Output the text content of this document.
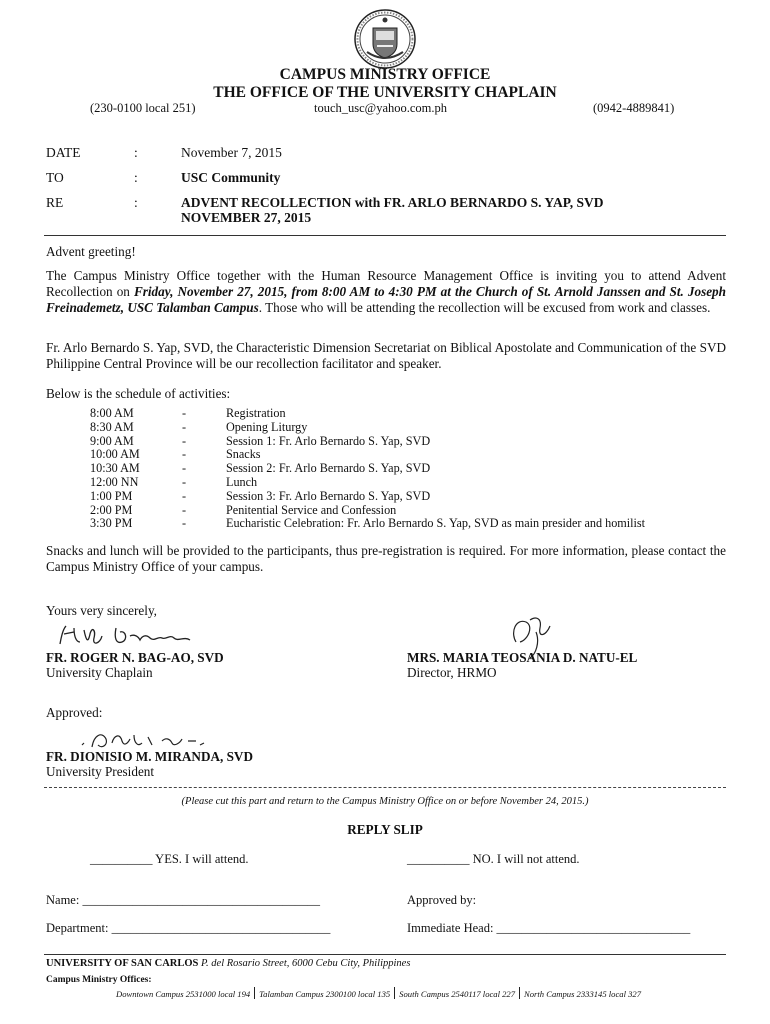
CAMPUS MINISTRY OFFICE
THE OFFICE OF THE UNIVERSITY CHAPLAIN
(230-0100 local 251)	touch_usc@yahoo.com.ph	(0942-4889841)
DATE	:	November 7, 2015
TO	:	USC Community
RE	:	ADVENT RECOLLECTION with FR. ARLO BERNARDO S. YAP, SVD
NOVEMBER 27, 2015
Advent greeting!
The Campus Ministry Office together with the Human Resource Management Office is inviting you to attend Advent Recollection on Friday, November 27, 2015, from 8:00 AM to 4:30 PM at the Church of St. Arnold Janssen and St. Joseph Freinademetz, USC Talamban Campus. Those who will be attending the recollection will be excused from work and classes.
Fr. Arlo Bernardo S. Yap, SVD, the Characteristic Dimension Secretariat on Biblical Apostolate and Communication of the SVD Philippine Central Province will be our recollection facilitator and speaker.
Below is the schedule of activities:
8:00 AM	-	Registration
8:30 AM	-	Opening Liturgy
9:00 AM	-	Session 1: Fr. Arlo Bernardo S. Yap, SVD
10:00 AM	-	Snacks
10:30 AM	-	Session 2: Fr. Arlo Bernardo S. Yap, SVD
12:00 NN	-	Lunch
1:00 PM	-	Session 3: Fr. Arlo Bernardo S. Yap, SVD
2:00 PM	-	Penitential Service and Confession
3:30 PM	-	Eucharistic Celebration: Fr. Arlo Bernardo S. Yap, SVD as main presider and homilist
Snacks and lunch will be provided to the participants, thus pre-registration is required. For more information, please contact the Campus Ministry Office of your campus.
Yours very sincerely,
FR. ROGER N. BAG-AO, SVD
University Chaplain
MRS. MARIA TEOSANIA D. NATU-EL
Director, HRMO
Approved:
FR. DIONISIO M. MIRANDA, SVD
University President
(Please cut this part and return to the Campus Ministry Office on or before November 24, 2015.)
REPLY SLIP
__________ YES. I will attend.	__________ NO. I will not attend.
Name: ______________________________________	Approved by:
Department: ___________________________________	Immediate Head: _______________________________
UNIVERSITY OF SAN CARLOS P. del Rosario Street, 6000 Cebu City, Philippines
Campus Ministry Offices:
Downtown Campus 2531000 local 194 Talamban Campus 2300100 local 135 South Campus 2540117 local 227 North Campus 2333145 local 327
